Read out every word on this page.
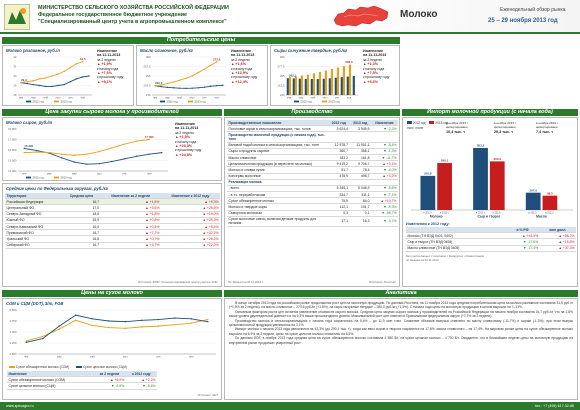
МИНИСТЕРСТВО СЕЛЬСКОГО ХОЗЯЙСТВА РОССИЙСКОЙ ФЕДЕРАЦИИ
Федеральное государственное бюджетное учреждение
"Специализированный центр учета в агропромышленном комплексе"
Молоко	Еженедельный обзор рынка
25 – 29 ноября 2013 год
Потребительские цены
Молоко разливное, руб./л
28
29
30
31
32
янв	мар	май	июл	сен	ноя
29,3
31,5
2012 год	2013 год
Изменение
на 11.11.2013
за 2 недели
▲ +1,9%
к началу года
▲ +7,6%
к прошлому году
▲ +8,1%
Масло сливочное, руб./кг
230
242,5
255
267,5
280
янв	мар	май	июл	сен	ноя
242,3
273,6
2012 год	2013 год
Изменение
на 11.11.2013
за 2 недели
▲ +1,6%
к началу года
▲ +12,9%
к прошлому году
▲ +12,4%
Сыры сычужные твердые, руб./кг
240
252,5
265
277,5
290
янв	мар	май	июл	сен	ноя
262,1
280,0
2012 год	2013 год
Изменение
на 11.11.2013
за 2 недели
▲ +1,3%
к началу года
▲ +7,5%
к прошлому году
▲ +6,6%
Цена закупки сырого молока у производителей
Молоко сырое, руб./т
11 000
13 000
15 000
17 000
19 000
янв	мар	май	июл	сен	ноя
15 300
17 000
2012 год	2013 год
Изменение
на 11.11.2013
за 2 недели
▲ +1,5%
к началу года
▲ +23,3%
к прошлому году
▲ +24,8%
Средние цены по Федеральным округам, руб./кг
Территория	Средняя цена	Изменение за 2 недели	Изменение к 2012 году
Российская Федерация	16,7	▲ +1,8%	▲ +9,3%
Центральный ФО	17,0	▲ +3,6%	▲ +25,5%
Северо-Западный ФО	18,5	▲ +1,8%	▲ +19,0%
Южный ФО	15,9	▲ +0,8%	▲ +25,3%
Северо-Кавказский ФО	16,4	▲ +0,5%	▲ +8,4%
Приволжский ФО	16,7	▲ +7,7%	▲ +32,2%
Уральский ФО	16,8	▲ +0,7%	▲ +25,2%
Сибирский ФО	16,7	▲ +3,7%	▲ +22,0%
Источник: ФГБУ "Специализированный центр учета в АПК"
Производство
Производственные показатели	2012 год	2013 год	Изменение
Поголовье коров в сельхозорганизациях, тыс. голов	3 624,4	3 545,9	▼ -2,2%
Производство молочной продукции (с начала года), тыс. тонн			
Валовой надой молока в сельхозорганизациях, тыс. тонн	12 578,7	11 901,1	▼ -5,4%
Сыры и продукты сырные	360,7	356,1	▼ -1,3%
Масло сливочное	183,2	161,8	▼ -11,7%
Цельномолочная продукция (в пересчете на молоко)	9 419,2	9 706,7	▲ +3,1%
Молоко и сливки сухие	81,7	78,4	▼ -4,0%
Консервы молочные	478,9	498,7	▲ +4,2%
Реализация молока			
- всего	5 345,1	5 046,9	▼ -5,6%
- в т.ч. переработчикам	334,7	311,1	▼ -7,1%
Сухое обезжиренное молоко	75,9	84,0	▲ +10,7%
Молоко и твердые сыры	112,1	101,7	▼ -9,3%
Сыворотка молочная	0,3	0,1	▼ -66,7%
Сухое молочные смеси, включая детские продукты для питания	17,1	16,3	▼ -4,7%
По данным на 01.11.2013 г.	Источник: Росстат
Импорт молочной продукции (с начала года)
2012 год	2013 год
тыс. тонн
в ноябре 2013 г. импортировано
10,4 тыс. т
в ноябре 2013 г. импортировано
29,3 тыс. т
в ноябре 2013 г. импортировано
7,4 тыс. т
210,8
290,1
в 2012 г.	в 2013 г.
Молоко
383,2
300,3
в 2012 г.	в 2013 г.
Сыр и творог
107,0
88,5
в 2012 г.	в 2013 г.
Масло
Изменения к 2012 году:
	в % РФ	млн долл.
Молоко (ТН ВЭД 0401, 0402)	▲ +43,3%	▲ +86,2%
Сыр и творог (ТН ВЭД 0406)	▼ -17,6%	▲ +15,8%
Масло сливочное (ТН ВЭД 0405)	▼ -17,4%	▲ +37,3%
Без учета данных о торговле с Беларусью и Казахстаном
по данным на 01.11.2013
Цены на сухое молоко
СОМ и СЦМ (DDT), $/т, FOB
2 500
3 250
4 000
4 750
5 500
янв	мар	май	июл	сен	ноя
Сухое обезжиренное молоко (СОМ)	Сухое цельное молоко (СЦМ)
Изменение	за 2 недели	к 2012 году
Сухое обезжиренное молоко (СОМ)	▲ +6,9%	▲ +2,2%
Сухое цельное молоко (СЦМ)	▼ -6,5%	▼ -5,5%
Источник: GDT
Аналитика

В конце октября 2013 года на российском рынке продолжился рост цен на молочную продукцию. По данным Росстата, на 11 ноября 2013 года средняя потребительская цена на молоко разливное составила 31,5 руб./л (+1,9% за 2 недели), на масло сливочное – 273,6 руб./кг (+1,6%), на сыры сычужные твердые – 280,0 руб./кг (+1,3%). С начала года цены на молочную продукцию в целом выросли на 7–13%.

Основным фактором роста цен остается увеличение стоимости сырого молока. Средняя цена закупки сырого молока у производителей по Российской Федерации на начало ноября составила 16,7 руб./кг, что на 1,8% выше уровня двухнедельной давности и на 9,3% выше прошлогоднего уровня. Максимальный рост цен отмечен в Приволжском федеральном округе (+7,7% за 2 недели).

Производство молока в сельхозорганизациях с начала года сократилось на 5,4% – до 11,9 млн тонн. Снижение объемов выпуска отмечено по маслу сливочному (-11,7%) и сырам (-1,3%), при этом выпуск цельномолочной продукции увеличился на 3,1%.

Импорт молока с начала 2013 года увеличился на 43,3% (до 290,1 тыс. т), тогда как ввоз сыров и творога сократился на 17,6%, масла сливочного – на 17,4%. На мировом рынке цены на сухое обезжиренное молоко выросли на 6,9% за 2 недели, цены на сухое цельное молоко снизились на 6,5%.

По данным GDT, в ноябре 2013 года средняя цена на сухое обезжиренное молоко составила 4 850 $/т, на сухое цельное молоко – 4 700 $/т. Ожидается, что в ближайшие недели цены на молочную продукцию на внутреннем рынке продолжат умеренный рост.

www.specagro.ru	тел.: +7 (495) 617-32-86
